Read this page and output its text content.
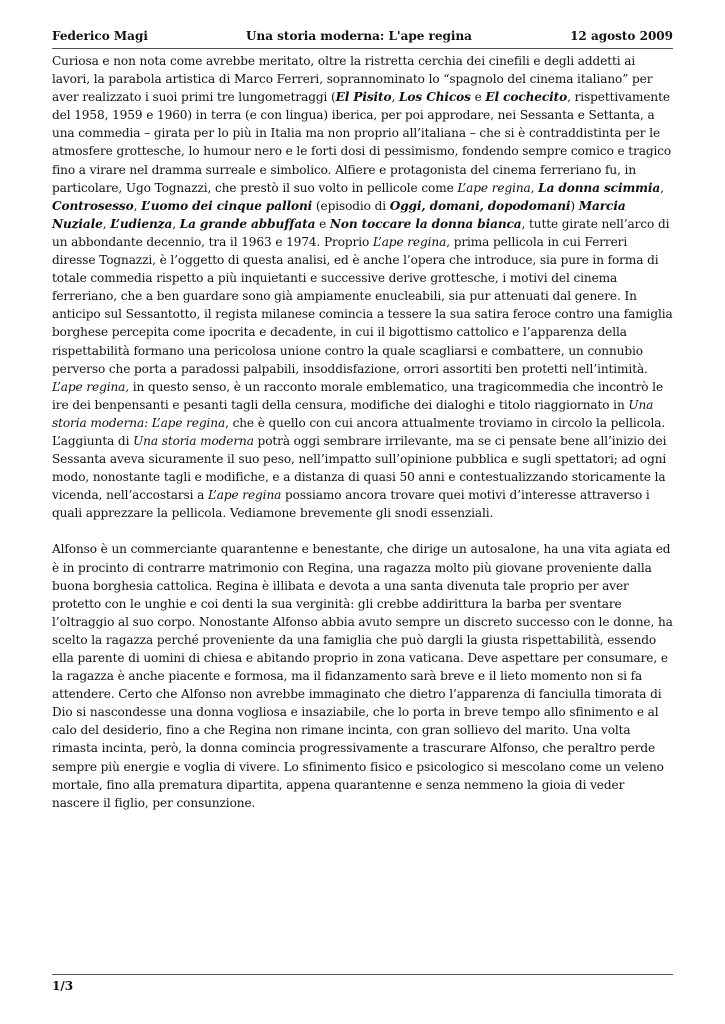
Federico Magi	Una storia moderna: L'ape regina	12 agosto 2009

Curiosa e non nota come avrebbe meritato, oltre la ristretta cerchia dei cinefili e degli addetti ai lavori, la parabola artistica di Marco Ferreri, soprannominato lo “spagnolo del cinema italiano” per aver realizzato i suoi primi tre lungometraggi (El Pisito, Los Chicos e El cochecito, rispettivamente del 1958, 1959 e 1960) in terra (e con lingua) iberica, per poi approdare, nei Sessanta e Settanta, a una commedia – girata per lo più in Italia ma non proprio all’italiana – che si è contraddistinta per le atmosfere grottesche, lo humour nero e le forti dosi di pessimismo, fondendo sempre comico e tragico fino a virare nel dramma surreale e simbolico. Alfiere e protagonista del cinema ferreriano fu, in particolare, Ugo Tognazzi, che prestò il suo volto in pellicole come L’ape regina, La donna scimmia, Controsesso, L’uomo dei cinque palloni (episodio di Oggi, domani, dopodomani) Marcia Nuziale, L’udienza, La grande abbuffata e Non toccare la donna bianca, tutte girate nell’arco di un abbondante decennio, tra il 1963 e 1974. Proprio L’ape regina, prima pellicola in cui Ferreri diresse Tognazzi, è l’oggetto di questa analisi, ed è anche l’opera che introduce, sia pure in forma di totale commedia rispetto a più inquietanti e successive derive grottesche, i motivi del cinema ferreriano, che a ben guardare sono già ampiamente enucleabili, sia pur attenuati dal genere. In anticipo sul Sessantotto, il regista milanese comincia a tessere la sua satira feroce contro una famiglia borghese percepita come ipocrita e decadente, in cui il bigottismo cattolico e l’apparenza della rispettabilità formano una pericolosa unione contro la quale scagliarsi e combattere, un connubio perverso che porta a paradossi palpabili, insoddisfazione, orrori assortiti ben protetti nell’intimità. L’ape regina, in questo senso, è un racconto morale emblematico, una tragicommedia che incontrò le ire dei benpensanti e pesanti tagli della censura, modifiche dei dialoghi e titolo riaggiornato in Una storia moderna: L’ape regina, che è quello con cui ancora attualmente troviamo in circolo la pellicola. L’aggiunta di Una storia moderna potrà oggi sembrare irrilevante, ma se ci pensate bene all’inizio dei Sessanta aveva sicuramente il suo peso, nell’impatto sull’opinione pubblica e sugli spettatori; ad ogni modo, nonostante tagli e modifiche, e a distanza di quasi 50 anni e contestualizzando storicamente la vicenda, nell’accostarsi a L’ape regina possiamo ancora trovare quei motivi d’interesse attraverso i quali apprezzare la pellicola. Vediamone brevemente gli snodi essenziali.

Alfonso è un commerciante quarantenne e benestante, che dirige un autosalone, ha una vita agiata ed è in procinto di contrarre matrimonio con Regina, una ragazza molto più giovane proveniente dalla buona borghesia cattolica. Regina è illibata e devota a una santa divenuta tale proprio per aver protetto con le unghie e coi denti la sua verginità: gli crebbe addirittura la barba per sventare l’oltraggio al suo corpo. Nonostante Alfonso abbia avuto sempre un discreto successo con le donne, ha scelto la ragazza perché proveniente da una famiglia che può dargli la giusta rispettabilità, essendo ella parente di uomini di chiesa e abitando proprio in zona vaticana. Deve aspettare per consumare, e la ragazza è anche piacente e formosa, ma il fidanzamento sarà breve e il lieto momento non si fa attendere. Certo che Alfonso non avrebbe immaginato che dietro l’apparenza di fanciulla timorata di Dio si nascondesse una donna vogliosa e insaziabile, che lo porta in breve tempo allo sfinimento e al calo del desiderio, fino a che Regina non rimane incinta, con gran sollievo del marito. Una volta rimasta incinta, però, la donna comincia progressivamente a trascurare Alfonso, che peraltro perde sempre più energie e voglia di vivere. Lo sfinimento fisico e psicologico si mescolano come un veleno mortale, fino alla prematura dipartita, appena quarantenne e senza nemmeno la gioia di veder nascere il figlio, per consunzione.

1/3
